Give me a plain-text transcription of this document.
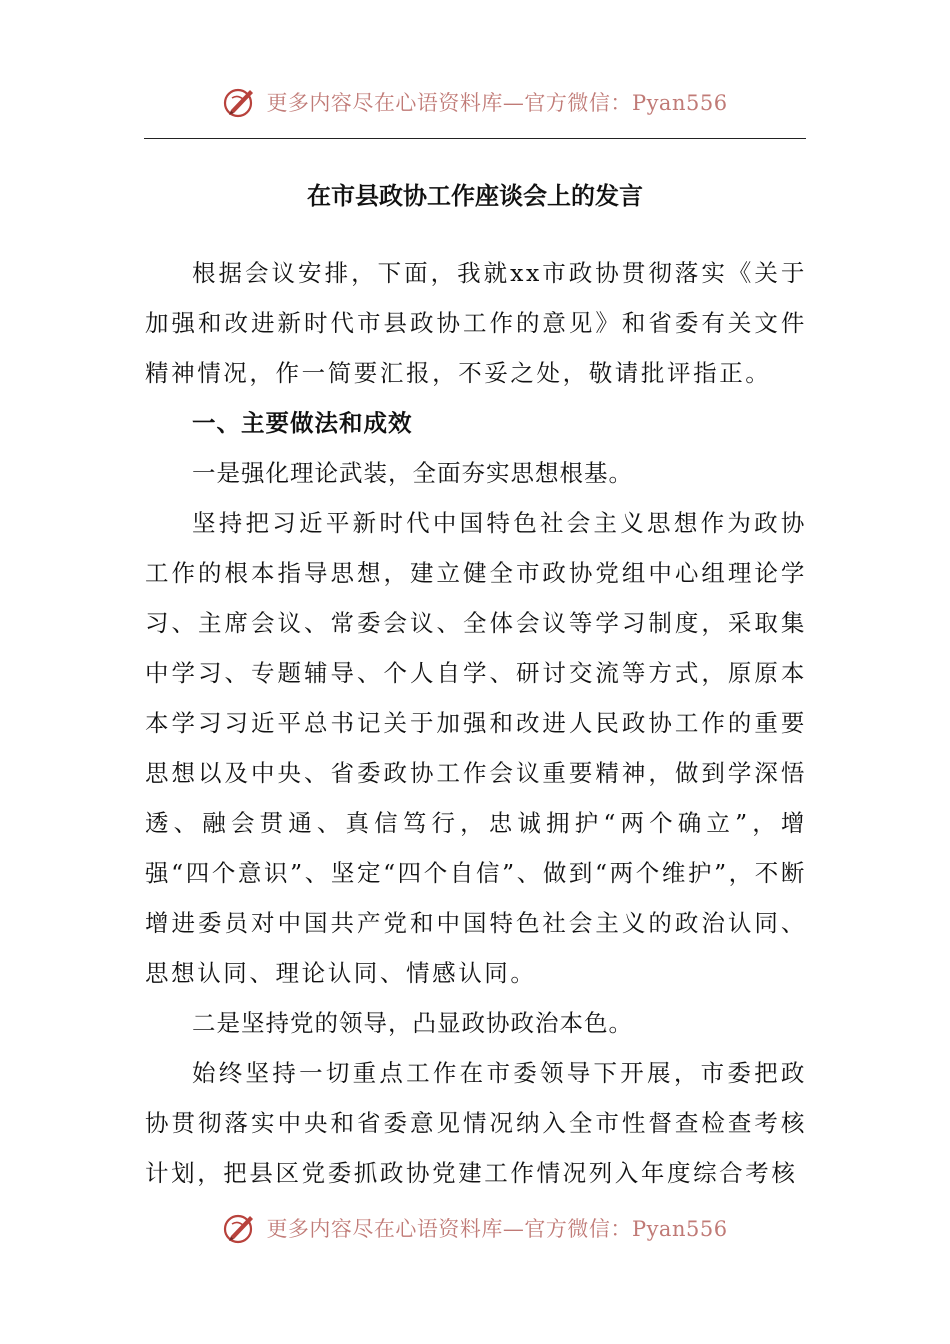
更多内容尽在心语资料库—官方微信：Pyan556
在市县政协工作座谈会上的发言

根据会议安排，下面，我就xx市政协贯彻落实《关于加强和改进新时代市县政协工作的意见》和省委有关文件精神情况，作一简要汇报，不妥之处，敬请批评指正。

一、主要做法和成效

一是强化理论武装，全面夯实思想根基。

坚持把习近平新时代中国特色社会主义思想作为政协工作的根本指导思想，建立健全市政协党组中心组理论学习、主席会议、常委会议、全体会议等学习制度，采取集中学习、专题辅导、个人自学、研讨交流等方式，原原本本学习习近平总书记关于加强和改进人民政协工作的重要思想以及中央、省委政协工作会议重要精神，做到学深悟透、融会贯通、真信笃行，忠诚拥护“两个确立”，增强“四个意识”、坚定“四个自信”、做到“两个维护”，不断增进委员对中国共产党和中国特色社会主义的政治认同、思想认同、理论认同、情感认同。

二是坚持党的领导，凸显政协政治本色。

始终坚持一切重点工作在市委领导下开展，市委把政协贯彻落实中央和省委意见情况纳入全市性督查检查考核计划，把县区党委抓政协党建工作情况列入年度综合考核

更多内容尽在心语资料库—官方微信：Pyan556
